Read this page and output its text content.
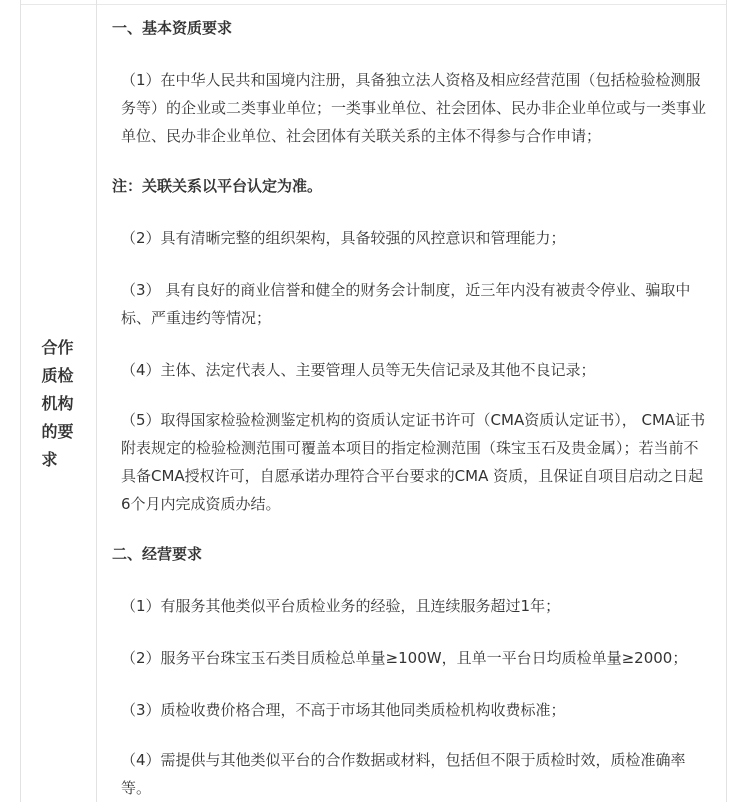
合作质检机构的要求
一、基本资质要求
（1）在中华人民共和国境内注册，具备独立法人资格及相应经营范围（包括检验检测服务等）的企业或二类事业单位；一类事业单位、社会团体、民办非企业单位或与一类事业单位、民办非企业单位、社会团体有关联关系的主体不得参与合作申请；
注：关联关系以平台认定为准。
（2）具有清晰完整的组织架构，具备较强的风控意识和管理能力；
（3） 具有良好的商业信誉和健全的财务会计制度，近三年内没有被责令停业、骗取中标、严重违约等情况；
（4）主体、法定代表人、主要管理人员等无失信记录及其他不良记录；
（5）取得国家检验检测鉴定机构的资质认定证书许可（CMA资质认定证书）， CMA证书附表规定的检验检测范围可覆盖本项目的指定检测范围（珠宝玉石及贵金属）；若当前不具备CMA授权许可，自愿承诺办理符合平台要求的CMA 资质，且保证自项目启动之日起6个月内完成资质办结。
二、经营要求
（1）有服务其他类似平台质检业务的经验，且连续服务超过1年；
（2）服务平台珠宝玉石类目质检总单量≥100W，且单一平台日均质检单量≥2000；
（3）质检收费价格合理，不高于市场其他同类质检机构收费标准；
（4）需提供与其他类似平台的合作数据或材料，包括但不限于质检时效，质检准确率等。
